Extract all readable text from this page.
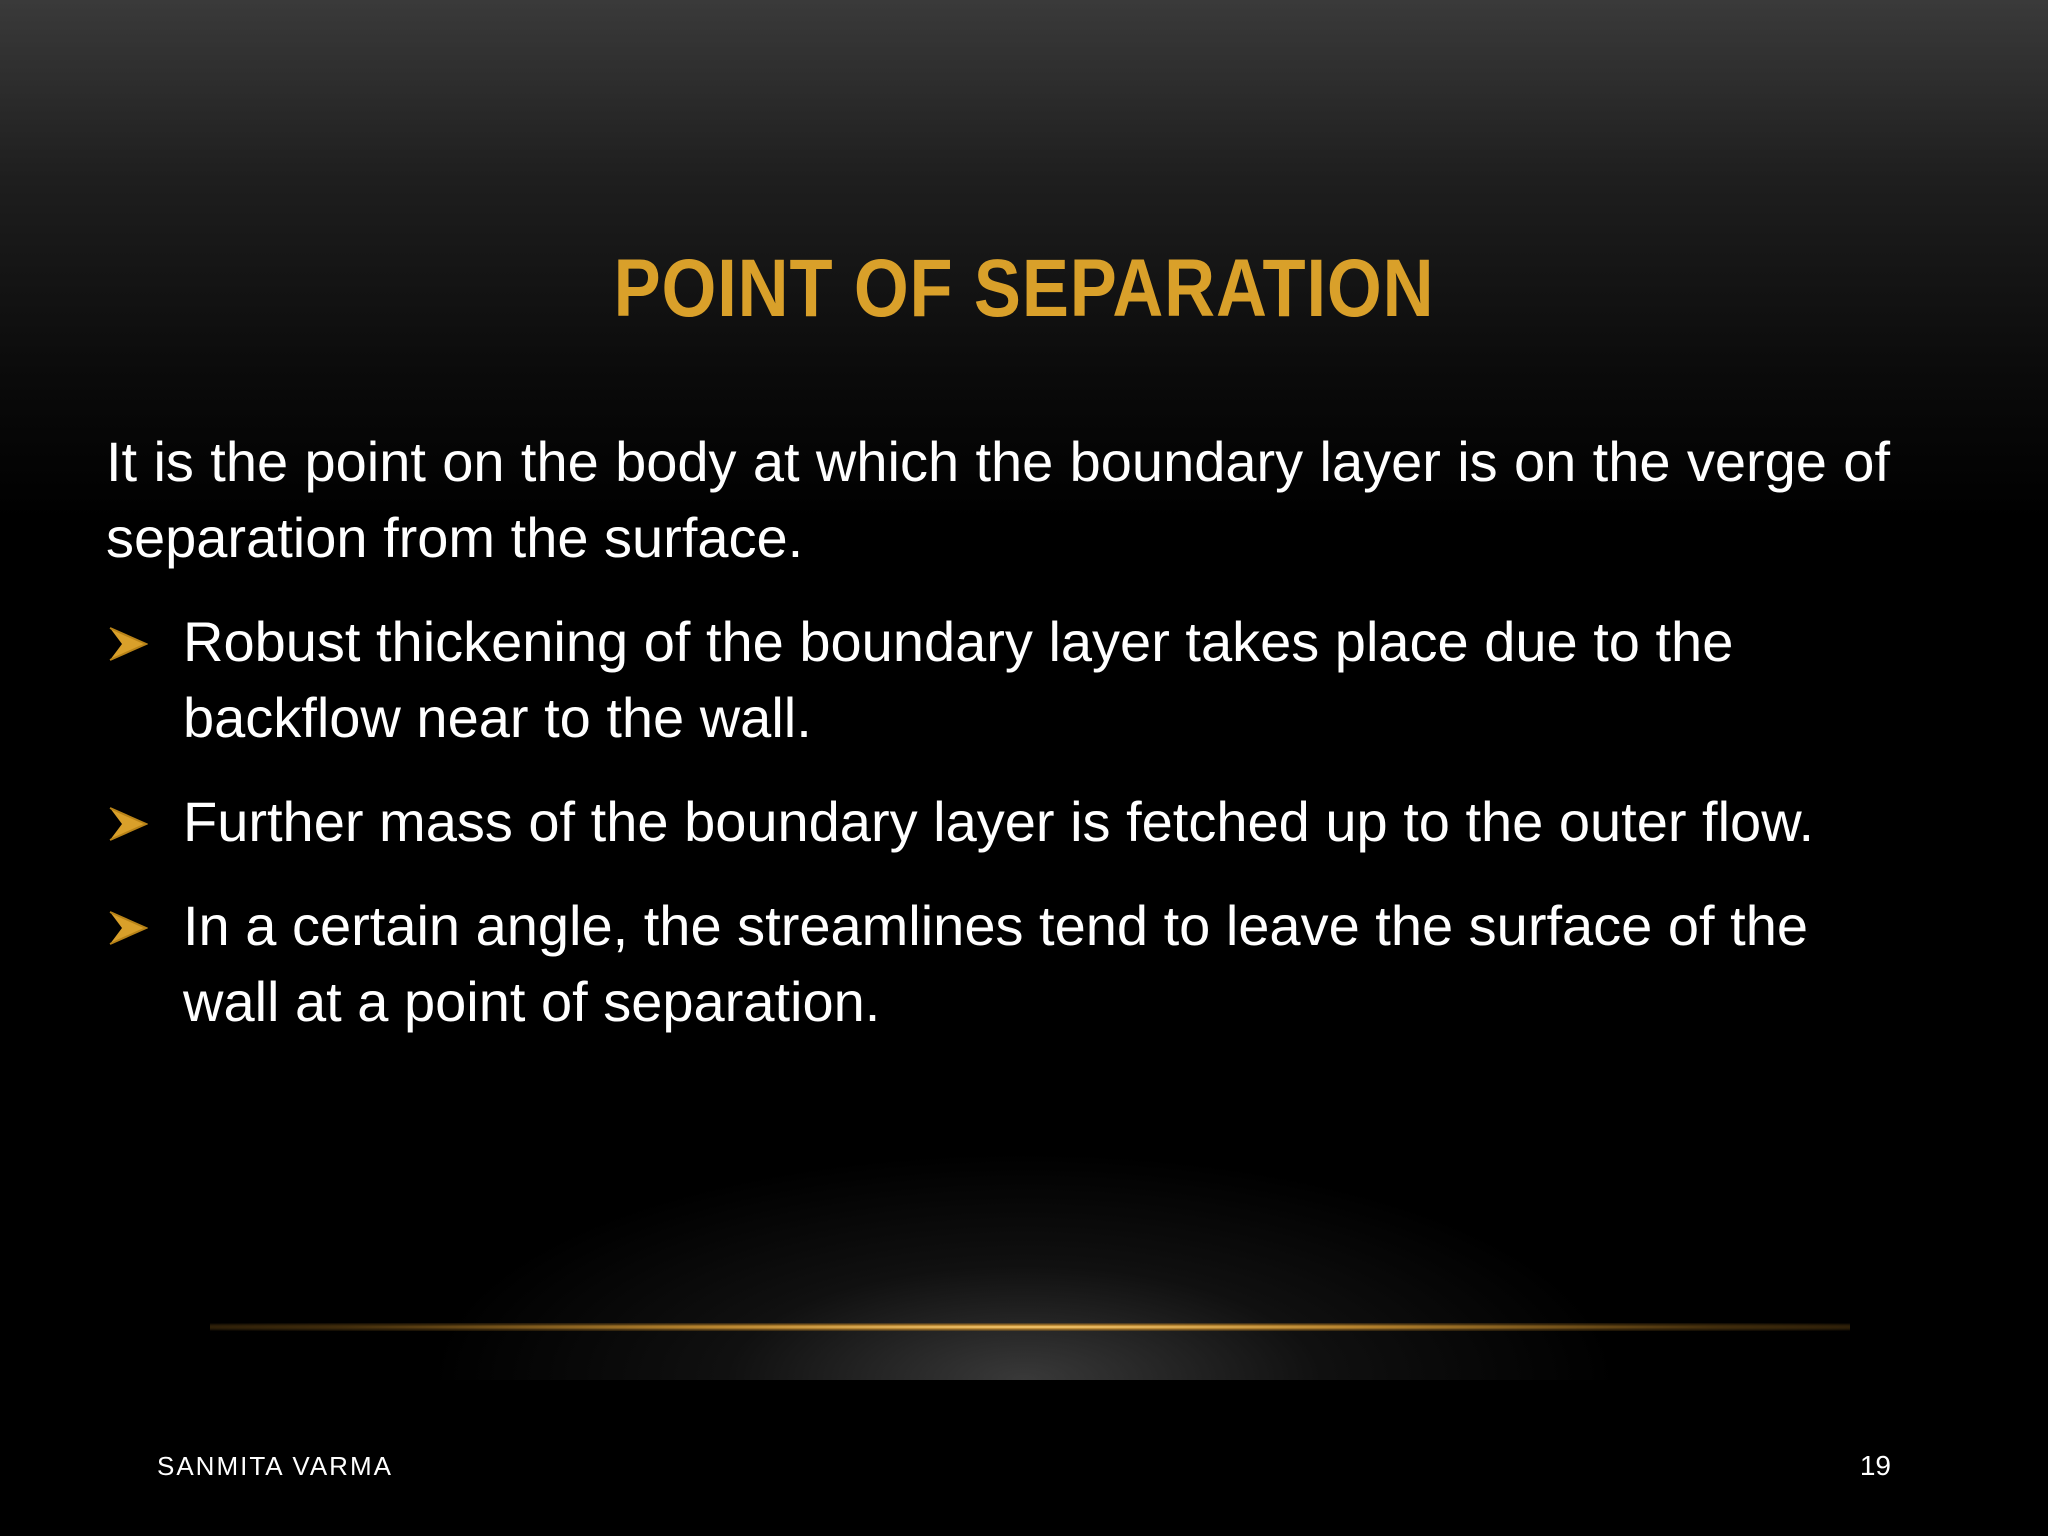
POINT OF SEPARATION

It is the point on the body at which the boundary layer is on the verge of separation from the surface.

Robust thickening of the boundary layer takes place due to the backflow near to the wall.
Further mass of the boundary layer is fetched up to the outer flow.
In a certain angle, the streamlines tend to leave the surface of the wall at a point of separation.
SANMITA VARMA	19
